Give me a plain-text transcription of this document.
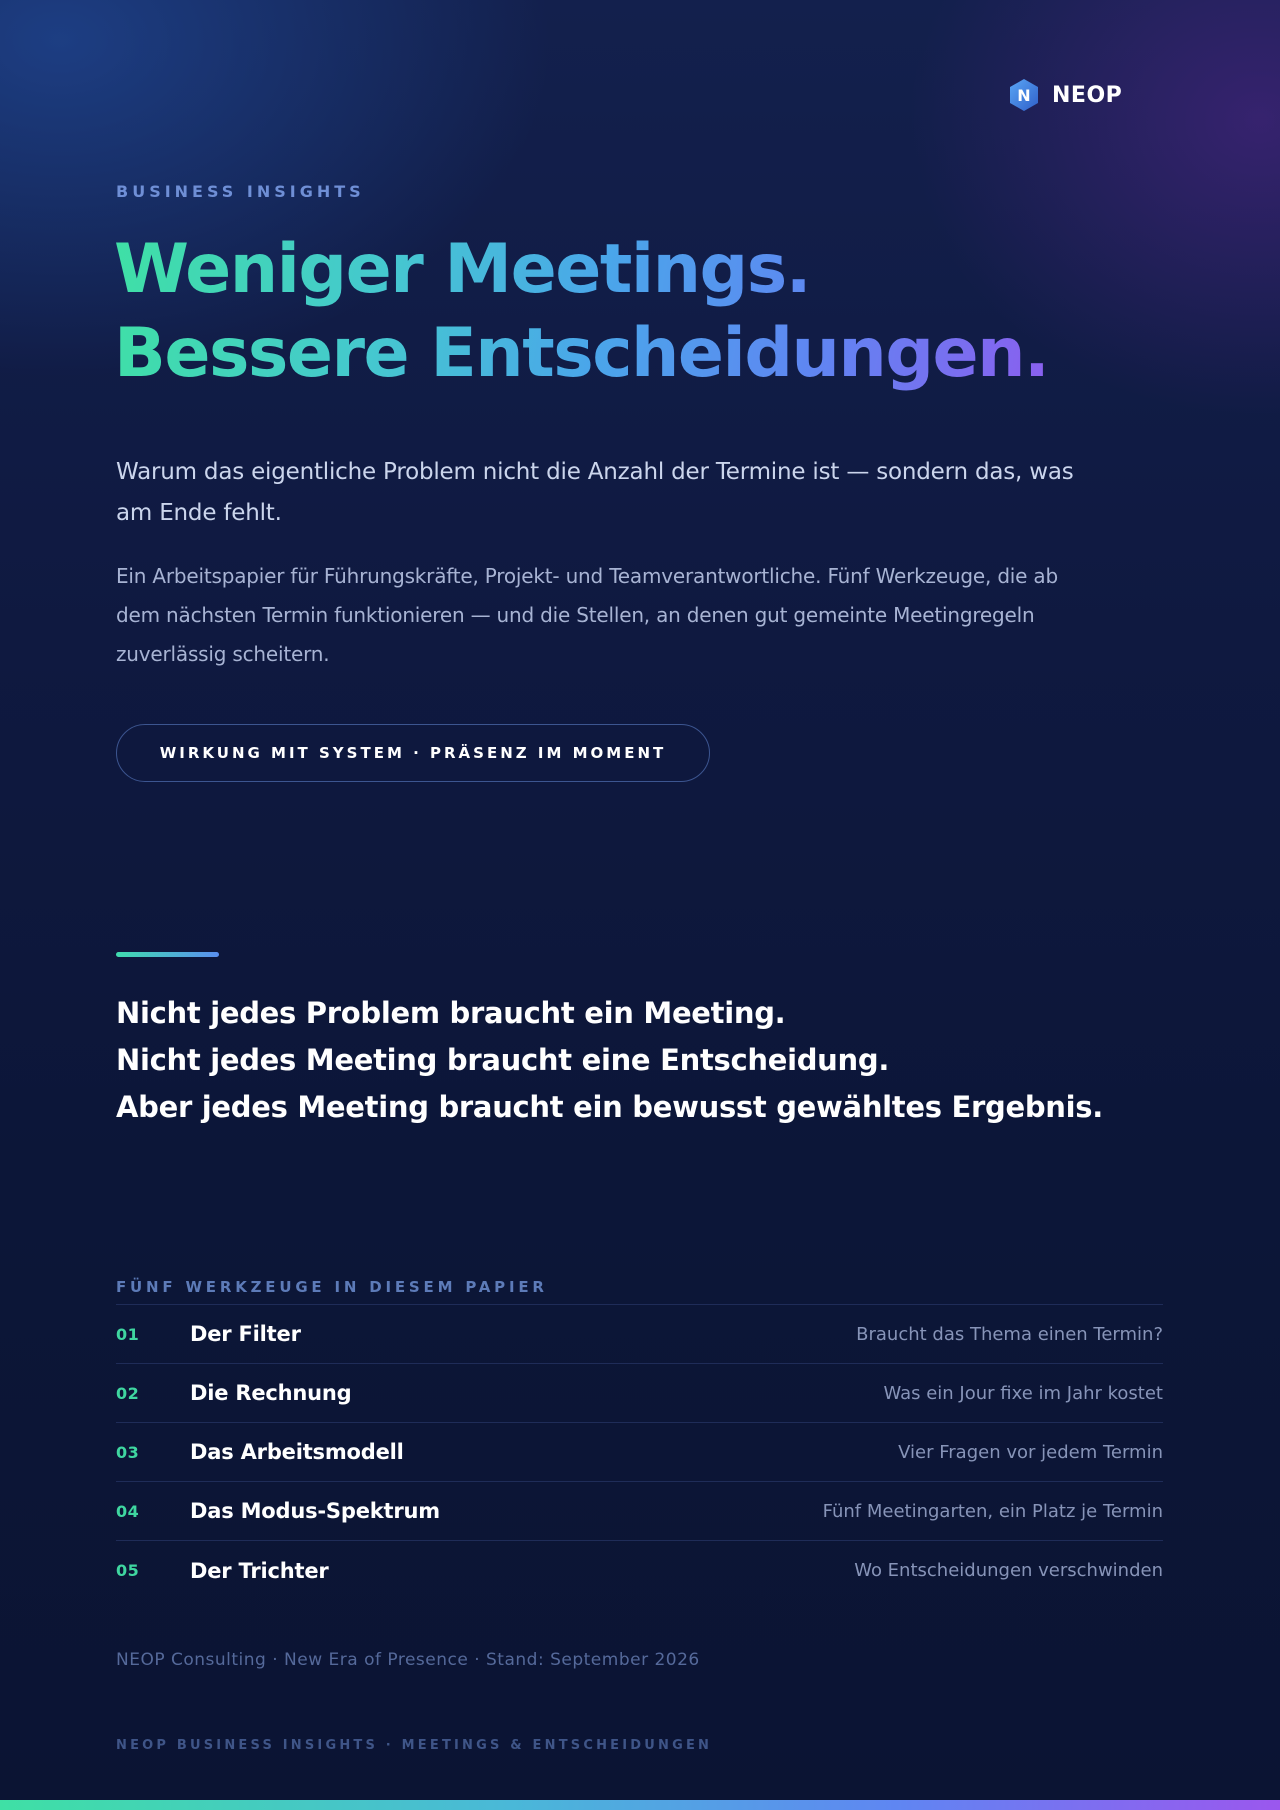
N NEOP
BUSINESS INSIGHTS
Weniger Meetings.
Bessere Entscheidungen.

Warum das eigentliche Problem nicht die Anzahl der Termine ist — sondern das, was am Ende fehlt.

Ein Arbeitspapier für Führungskräfte, Projekt- und Teamverantwortliche. Fünf Werkzeuge, die ab dem nächsten Termin funktionieren — und die Stellen, an denen gut gemeinte Meetingregeln zuverlässig scheitern.

WIRKUNG MIT SYSTEM · PRÄSENZ IM MOMENT
Nicht jedes Problem braucht ein Meeting.
Nicht jedes Meeting braucht eine Entscheidung.
Aber jedes Meeting braucht ein bewusst gewähltes Ergebnis.
FÜNF WERKZEUGE IN DIESEM PAPIER
01	Der Filter	Braucht das Thema einen Termin?
02	Die Rechnung	Was ein Jour fixe im Jahr kostet
03	Das Arbeitsmodell	Vier Fragen vor jedem Termin
04	Das Modus-Spektrum	Fünf Meetingarten, ein Platz je Termin
05	Der Trichter	Wo Entscheidungen verschwinden
NEOP Consulting · New Era of Presence · Stand: September 2026
NEOP BUSINESS INSIGHTS · MEETINGS & ENTSCHEIDUNGEN
